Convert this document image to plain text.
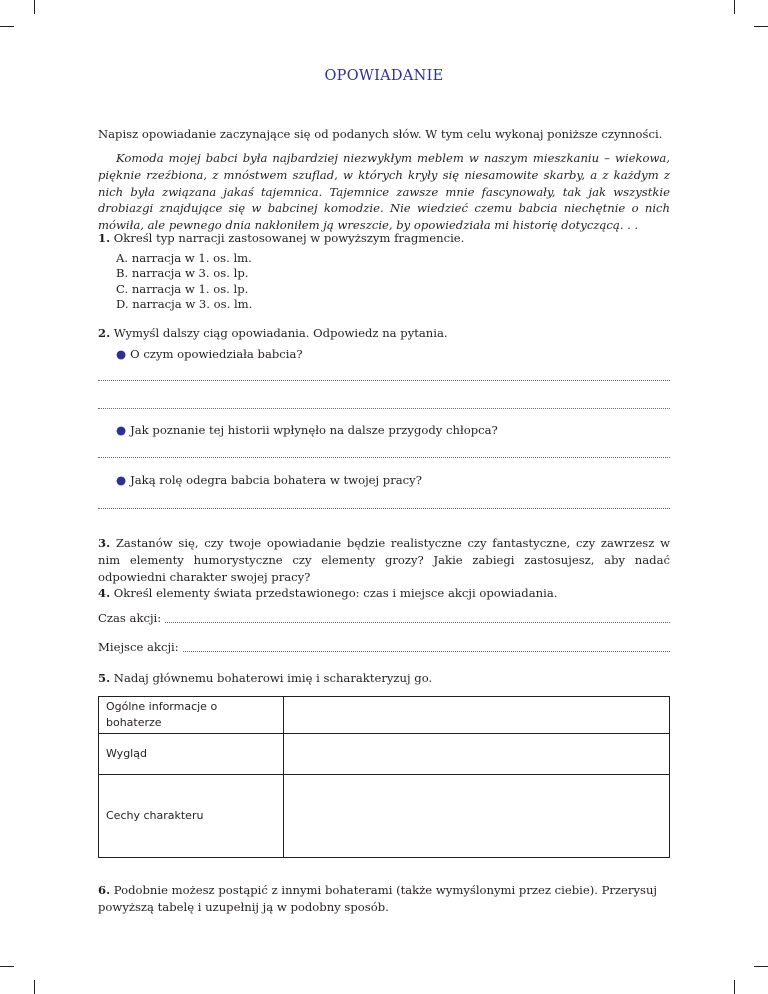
OPOWIADANIE

Napisz opowiadanie zaczynające się od podanych słów. W tym celu wykonaj poniższe czynności.

Komoda mojej babci była najbardziej niezwykłym meblem w naszym mieszkaniu – wiekowa, pięknie rzeźbiona, z mnóstwem szuflad, w których kryły się niesamowite skarby, a z każdym z nich była związana jakaś tajemnica. Tajemnice zawsze mnie fascynowały, tak jak wszystkie drobiazgi znajdujące się w babcinej komodzie. Nie wiedzieć czemu babcia niechętnie o nich mówiła, ale pewnego dnia nakłoniłem ją wreszcie, by opowiedziała mi historię dotyczącą. . .

1. Określ typ narracji zastosowanej w powyższym fragmencie.

A. narracja w 1. os. lm.
B. narracja w 3. os. lp.
C. narracja w 1. os. lp.
D. narracja w 3. os. lm.

2. Wymyśl dalszy ciąg opowiadania. Odpowiedz na pytania.

● O czym opowiedziała babcia?
● Jak poznanie tej historii wpłynęło na dalsze przygody chłopca?
● Jaką rolę odegra babcia bohatera w twojej pracy?

3. Zastanów się, czy twoje opowiadanie będzie realistyczne czy fantastyczne, czy zawrzesz w nim elementy humorystyczne czy elementy grozy? Jakie zabiegi zastosujesz, aby nadać odpowiedni charakter swojej pracy?

4. Określ elementy świata przedstawionego: czas i miejsce akcji opowiadania.

Czas akcji:
Miejsce akcji:

5. Nadaj głównemu bohaterowi imię i scharakteryzuj go.

Ogólne informacje o bohaterze	
Wygląd	
Cechy charakteru	

6. Podobnie możesz postąpić z innymi bohaterami (także wymyślonymi przez ciebie). Przerysuj powyższą tabelę i uzupełnij ją w podobny sposób.
